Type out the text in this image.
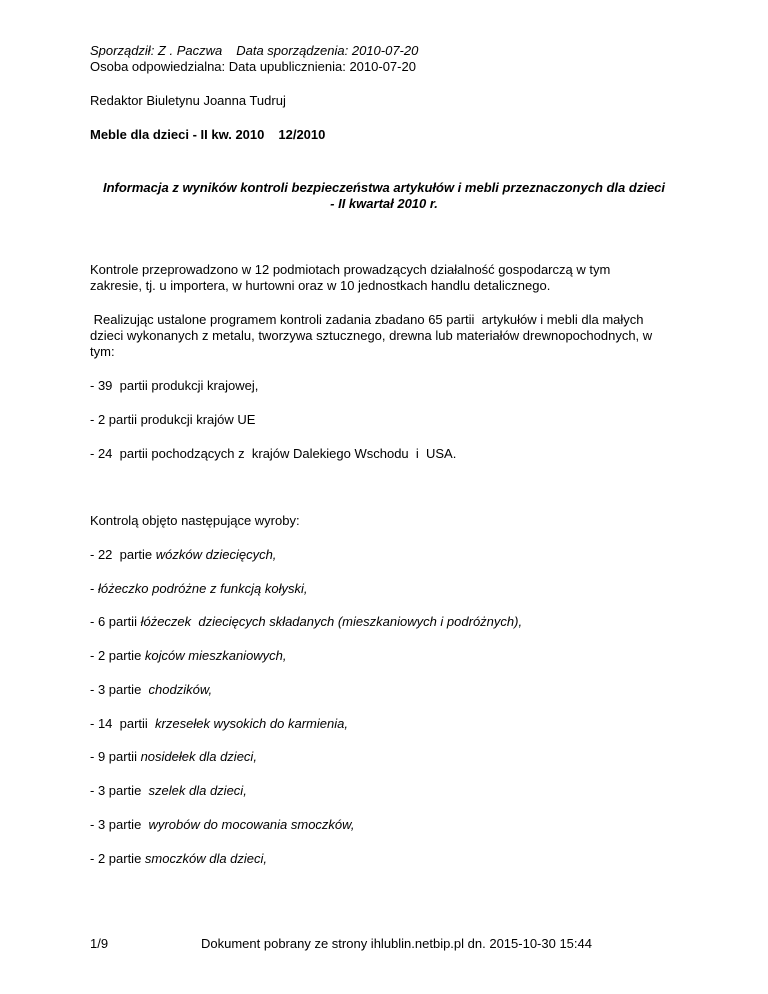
Sporządził: Z . Paczwa Data sporządzenia: 2010-07-20
Osoba odpowiedzialna: Data upublicznienia: 2010-07-20
Redaktor Biuletynu Joanna Tudruj
Meble dla dzieci - II kw. 2010 12/2010
Informacja z wyników kontroli bezpieczeństwa artykułów i mebli przeznaczonych dla dzieci
- II kwartał 2010 r.
Kontrole przeprowadzono w 12 podmiotach prowadzących działalność gospodarczą w tym
zakresie, tj. u importera, w hurtowni oraz w 10 jednostkach handlu detalicznego.
Realizując ustalone programem kontroli zadania zbadano 65 partii  artykułów i mebli dla małych
dzieci wykonanych z metalu, tworzywa sztucznego, drewna lub materiałów drewnopochodnych, w
tym:
- 39  partii produkcji krajowej,
- 2 partii produkcji krajów UE
- 24  partii pochodzących z  krajów Dalekiego Wschodu  i  USA.
Kontrolą objęto następujące wyroby:
- 22  partie wózków dziecięcych,
- łóżeczko podróżne z funkcją kołyski,
- 6 partii łóżeczek  dziecięcych składanych (mieszkaniowych i podróżnych),
- 2 partie kojców mieszkaniowych,
- 3 partie  chodzików,
- 14  partii  krzesełek wysokich do karmienia,
- 9 partii nosidełek dla dzieci,
- 3 partie  szelek dla dzieci,
- 3 partie  wyrobów do mocowania smoczków,
- 2 partie smoczków dla dzieci,
1/9	Dokument pobrany ze strony ihlublin.netbip.pl dn. 2015-10-30 15:44
